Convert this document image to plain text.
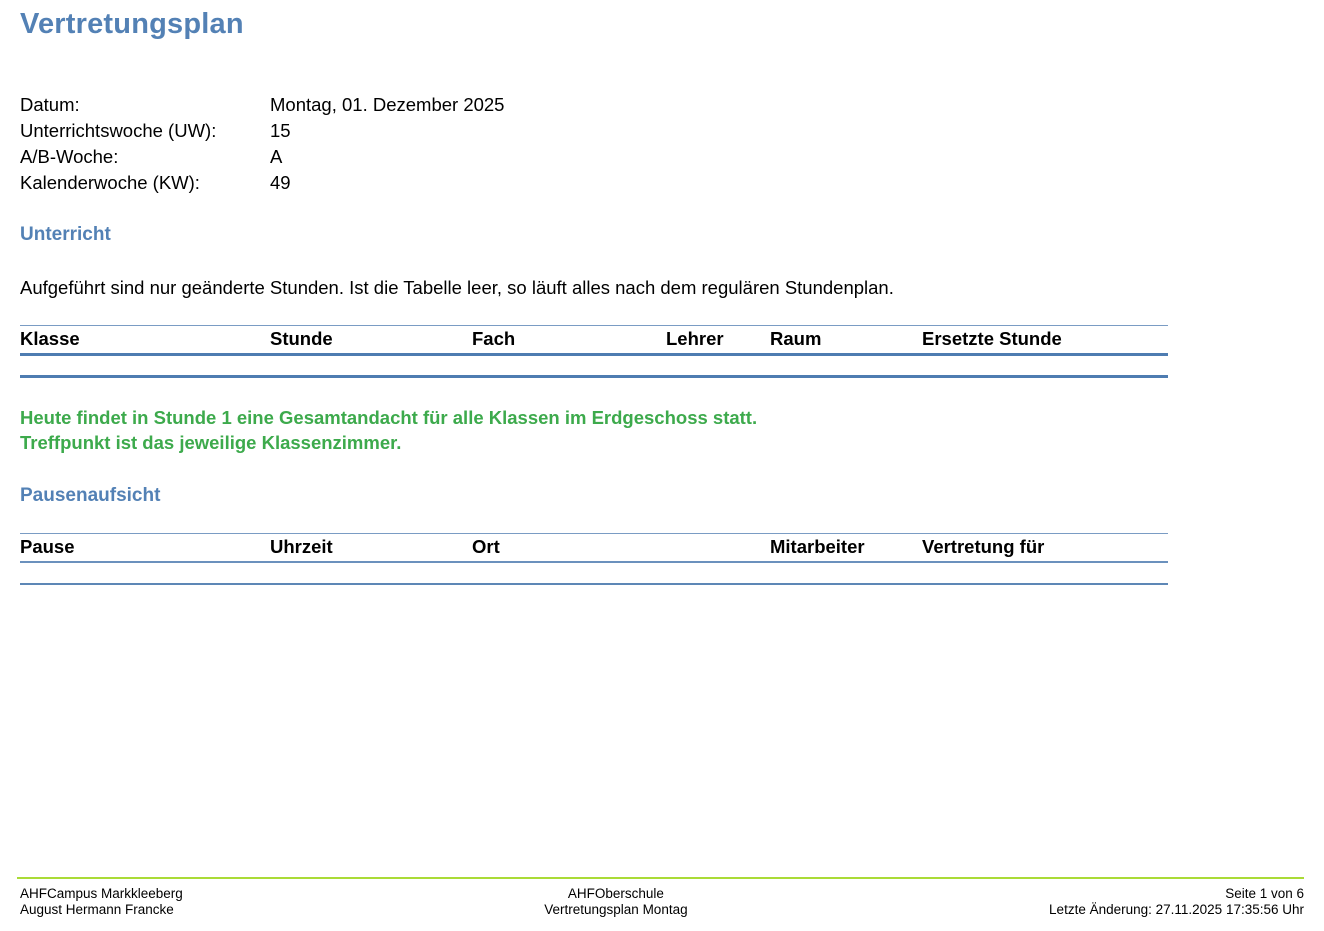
Vertretungsplan
Datum:	Montag, 01. Dezember 2025
Unterrichtswoche (UW):	15
A/B-Woche:	A
Kalenderwoche (KW):	49
Unterricht

Aufgeführt sind nur geänderte Stunden. Ist die Tabelle leer, so läuft alles nach dem regulären Stundenplan.

Klasse	Stunde	Fach	Lehrer	Raum	Ersetzte Stunde

Heute findet in Stunde 1 eine Gesamtandacht für alle Klassen im Erdgeschoss statt.
Treffpunkt ist das jeweilige Klassenzimmer.
Pausenaufsicht
Pause	Uhrzeit	Ort	Mitarbeiter	Vertretung für

AHFCampus Markkleeberg
August Hermann Francke
AHFOberschule
Vertretungsplan Montag
Seite 1 von 6
Letzte Änderung: 27.11.2025 17:35:56 Uhr
